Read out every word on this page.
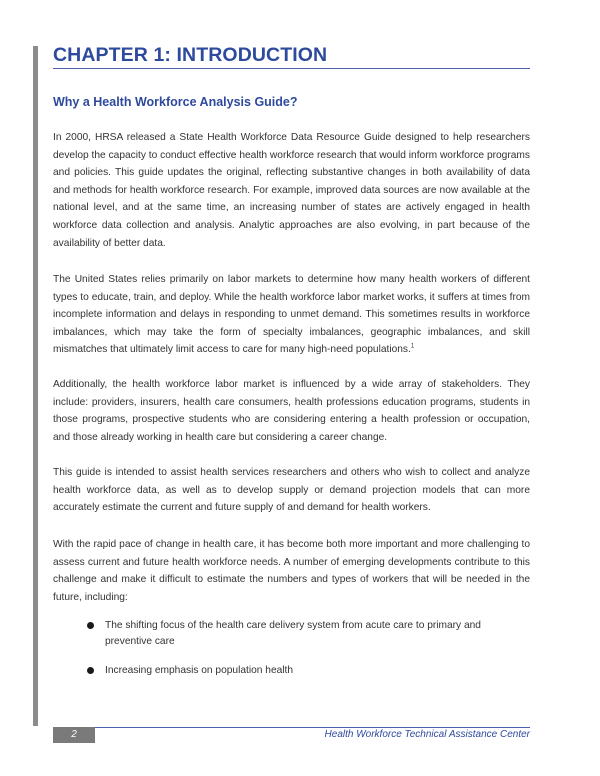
CHAPTER 1: INTRODUCTION
Why a Health Workforce Analysis Guide?

In 2000, HRSA released a State Health Workforce Data Resource Guide designed to help researchers develop the capacity to conduct effective health workforce research that would inform workforce programs and policies. This guide updates the original, reflecting substantive changes in both availability of data and methods for health workforce research. For example, improved data sources are now available at the national level, and at the same time, an increasing number of states are actively engaged in health workforce data collection and analysis. Analytic approaches are also evolving, in part because of the availability of better data.

The United States relies primarily on labor markets to determine how many health workers of different types to educate, train, and deploy. While the health workforce labor market works, it suffers at times from incomplete information and delays in responding to unmet demand. This sometimes results in workforce imbalances, which may take the form of specialty imbalances, geographic imbalances, and skill mismatches that ultimately limit access to care for many high-need populations.$^1$

Additionally, the health workforce labor market is influenced by a wide array of stakeholders. They include: providers, insurers, health care consumers, health professions education programs, students in those programs, prospective students who are considering entering a health profession or occupation, and those already working in health care but considering a career change.

This guide is intended to assist health services researchers and others who wish to collect and analyze health workforce data, as well as to develop supply or demand projection models that can more accurately estimate the current and future supply of and demand for health workers.

With the rapid pace of change in health care, it has become both more important and more challenging to assess current and future health workforce needs. A number of emerging developments contribute to this challenge and make it difficult to estimate the numbers and types of workers that will be needed in the future, including:

The shifting focus of the health care delivery system from acute care to primary and preventive care
Increasing emphasis on population health
2	Health Workforce Technical Assistance Center
